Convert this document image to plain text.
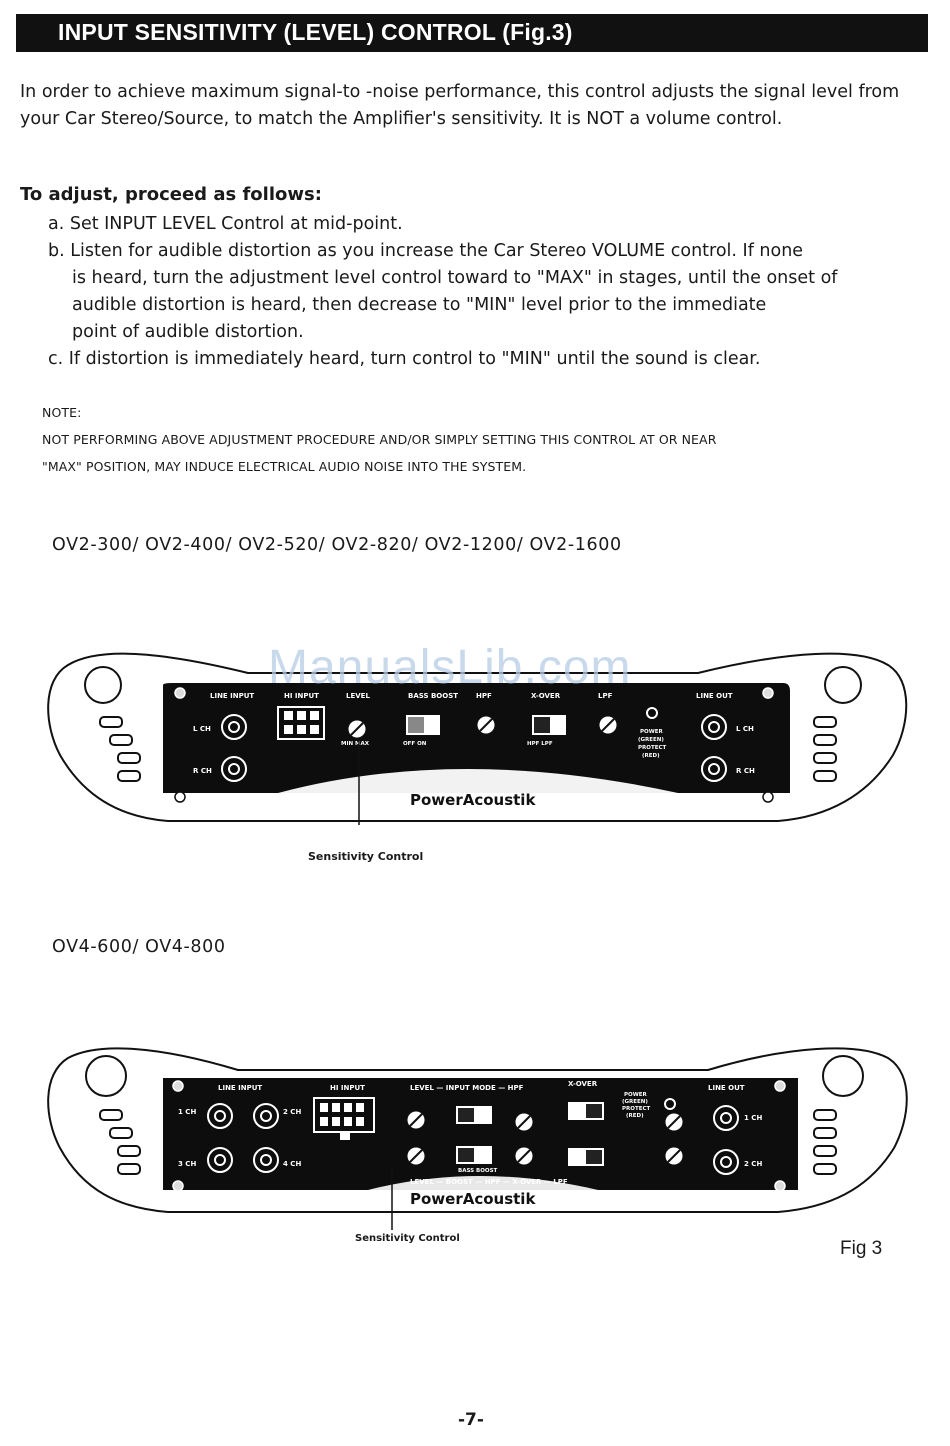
INPUT SENSITIVITY (LEVEL) CONTROL (Fig.3)

In order to achieve maximum signal-to -noise performance, this control adjusts the signal level from your Car Stereo/Source, to match the Amplifier's sensitivity. It is NOT a volume control.

To adjust, proceed as follows:

a. Set INPUT LEVEL Control at mid-point.

b. Listen for audible distortion as you increase the Car Stereo VOLUME control. If none

is heard, turn the adjustment level control toward to "MAX" in stages, until the onset of

audible distortion is heard, then decrease to "MIN" level prior to the immediate

point of audible distortion.

c. If distortion is immediately heard, turn control to "MIN" until the sound is clear.

NOTE:

NOT PERFORMING ABOVE ADJUSTMENT PROCEDURE AND/OR SIMPLY SETTING THIS CONTROL AT OR NEAR

"MAX" POSITION, MAY INDUCE ELECTRICAL AUDIO NOISE INTO THE SYSTEM.

OV2-300/ OV2-400/ OV2-520/ OV2-820/ OV2-1200/ OV2-1600

LINE INPUT	HI INPUT	LEVEL	BASS BOOST	HPF	X-OVER	LPF	LINE OUT
L CH
R CH
L CH
R CH
MIN MAX	OFF ON	HPF LPF
POWER
(GREEN)
PROTECT
(RED)
PowerAcoustik
Sensitivity Control

OV4-600/ OV4-800

LINE INPUT	HI INPUT	LEVEL — INPUT MODE — HPF	X-OVER
POWER
(GREEN)
PROTECT
(RED)
LINE OUT
1 CH	2 CH
3 CH	4 CH
1 CH
2 CH
BASS BOOST
LEVEL — BOOST — HPF — X-OVER — LPF
PowerAcoustik
Sensitivity Control
ManualsLib.com
Fig 3
-7-
